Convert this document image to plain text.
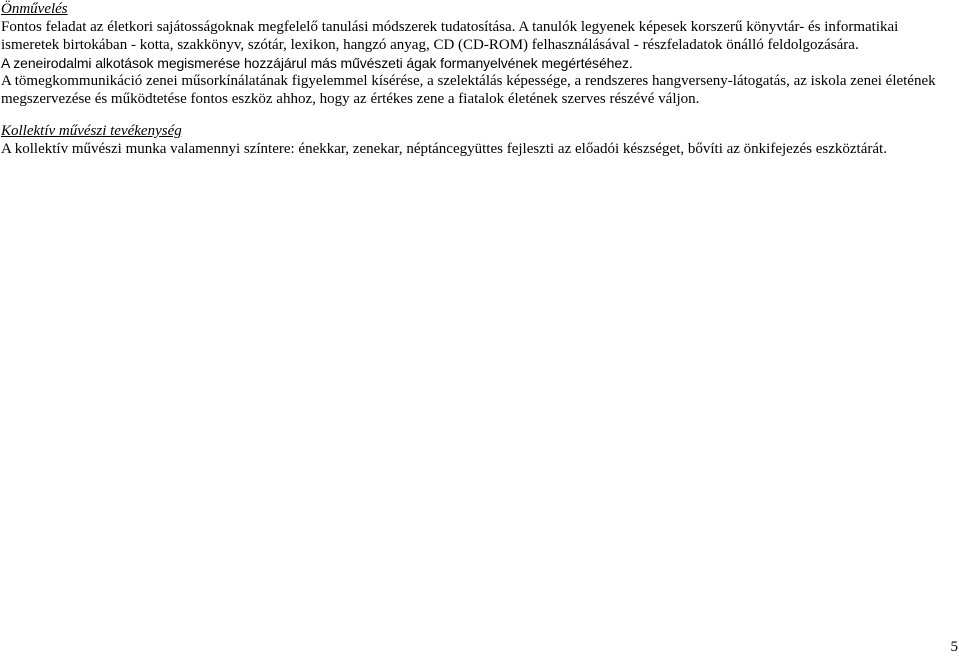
Önművelés

Fontos feladat az életkori sajátosságoknak megfelelő tanulási módszerek tudatosítása. A tanulók legyenek képesek korszerű könyvtár- és informatikai ismeretek birtokában - kotta, szakkönyv, szótár, lexikon, hangzó anyag, CD (CD-ROM) felhasználásával - részfeladatok önálló feldolgozására.

A zeneirodalmi alkotások megismerése hozzájárul más művészeti ágak formanyelvének megértéséhez.

A tömegkommunikáció zenei műsorkínálatának figyelemmel kísérése, a szelektálás képessége, a rendszeres hangverseny-látogatás, az iskola zenei életének megszervezése és működtetése fontos eszköz ahhoz, hogy az értékes zene a fiatalok életének szerves részévé váljon.

Kollektív művészi tevékenység

A kollektív művészi munka valamennyi színtere: énekkar, zenekar, néptáncegyüttes fejleszti az előadói készséget, bővíti az önkifejezés eszköztárát.

5
